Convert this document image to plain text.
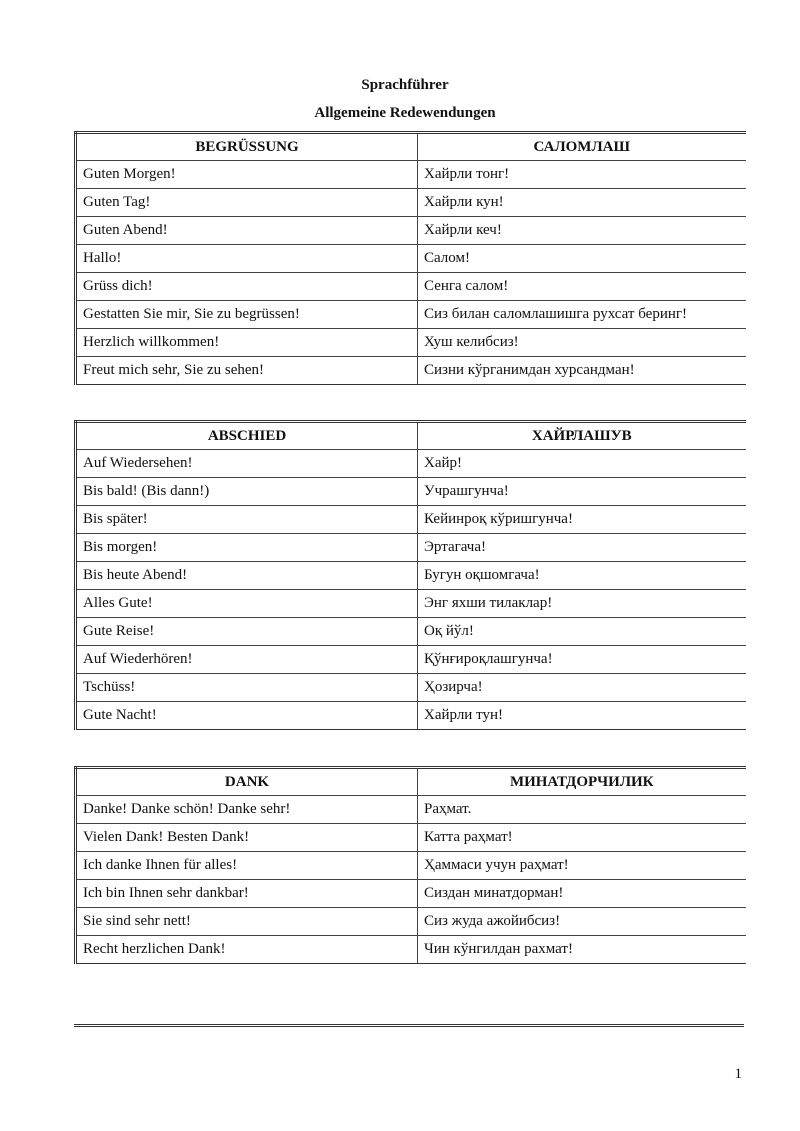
Sprachführer
Allgemeine Redewendungen
BEGRÜSSUNG	САЛОМЛАШ
Guten Morgen!	Хайрли тонг!
Guten Tag!	Хайрли кун!
Guten Abend!	Хайрли кеч!
Hallo!	Салом!
Grüss dich!	Сенга салом!
Gestatten Sie mir, Sie zu begrüssen!	Сиз билан саломлашишга рухсат беринг!
Herzlich willkommen!	Хуш келибсиз!
Freut mich sehr, Sie zu sehen!	Сизни кўрганимдан хурсандман!
ABSCHIED	ХАЙРЛАШУВ
Auf Wiedersehen!	Хайр!
Bis bald! (Bis dann!)	Учрашгунча!
Bis später!	Кейинроқ кўришгунча!
Bis morgen!	Эртагача!
Bis heute Abend!	Бугун оқшомгача!
Alles Gute!	Энг яхши тилаклар!
Gute Reise!	Оқ йўл!
Auf Wiederhören!	Қўнғироқлашгунча!
Tschüss!	Ҳозирча!
Gute Nacht!	Хайрли тун!
DANK	МИНАТДОРЧИЛИК
Danke! Danke schön! Danke sehr!	Раҳмат.
Vielen Dank! Besten Dank!	Катта раҳмат!
Ich danke Ihnen für alles!	Ҳаммаси учун раҳмат!
Ich bin Ihnen sehr dankbar!	Сиздан минатдорман!
Sie sind sehr nett!	Сиз жуда ажойибсиз!
Recht herzlichen Dank!	Чин кўнгилдан рахмат!
1
